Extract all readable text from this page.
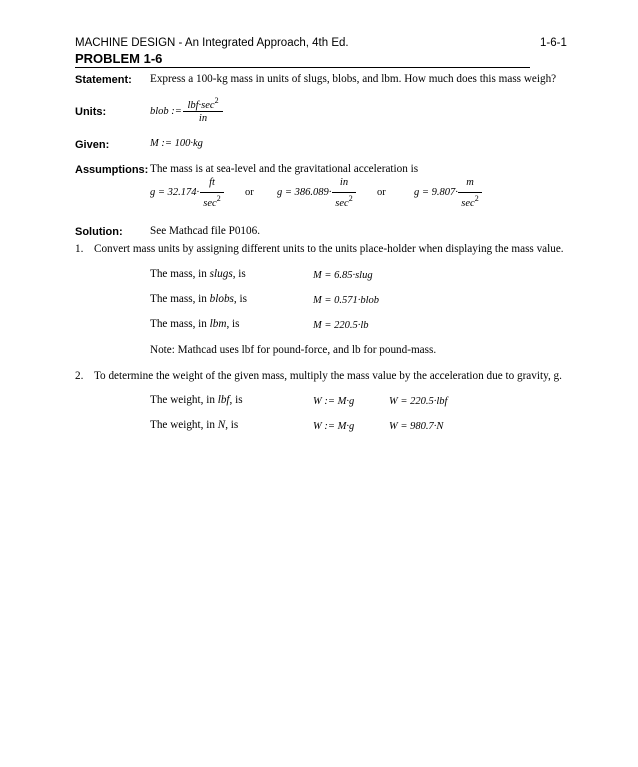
MACHINE DESIGN - An Integrated Approach, 4th Ed.	1-6-1
PROBLEM 1-6
Statement: Express a 100-kg mass in units of slugs, blobs, and lbm. How much does this mass weigh?
Units:	blob :=
$lbf\cdot\sec^2$
in
Given:	M := 100·kg
Assumptions: The mass is at sea-level and the gravitational acceleration is
g = 32.174·
ft
$\sec^2$
or g = 386.089·
in
$\sec^2$
or	g = 9.807·
m
$\sec^2$
Solution: See Mathcad file P0106.
1. Convert mass units by assigning different units to the units place-holder when displaying the mass value.
The mass, in slugs, is	M = 6.85·slug
The mass, in blobs, is	M = 0.571·blob
The mass, in lbm, is	M = 220.5·lb
Note: Mathcad uses lbf for pound-force, and lb for pound-mass.
2. To determine the weight of the given mass, multiply the mass value by the acceleration due to gravity, g.
The weight, in lbf, is	W := M·g	W = 220.5·lbf
The weight, in N, is	W := M·g	W = 980.7·N
